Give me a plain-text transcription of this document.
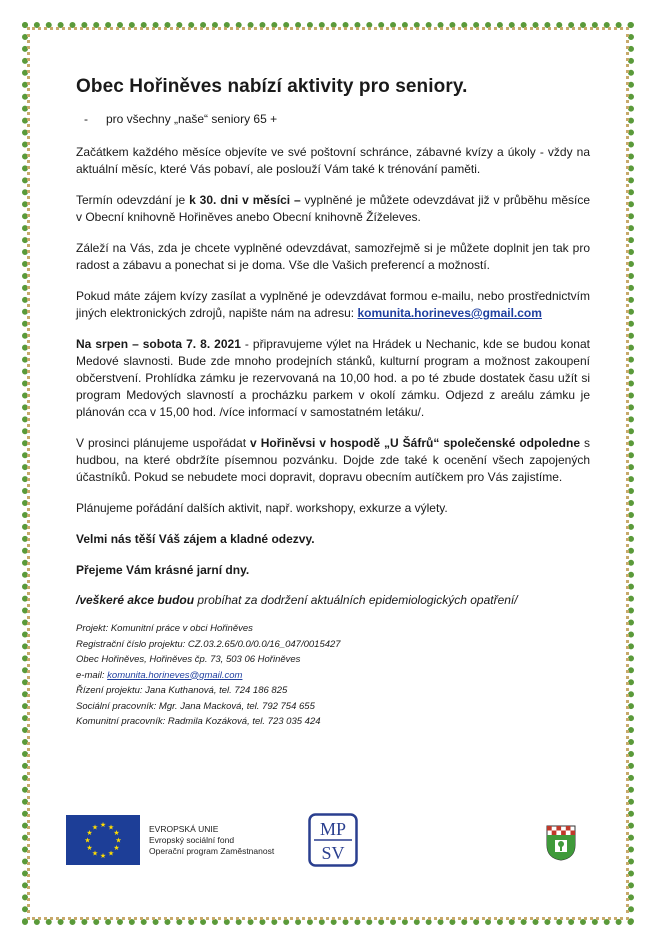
Obec Hořiněves nabízí aktivity pro seniory.
- pro všechny „naše“ seniory 65 +

Začátkem každého měsíce objevíte ve své poštovní schránce, zábavné kvízy a úkoly - vždy na aktuální měsíc, které Vás pobaví, ale poslouží Vám také k trénování paměti.

Termín odevzdání je k 30. dni v měsíci – vyplněné je můžete odevzdávat již v průběhu měsíce v Obecní knihovně Hořiněves anebo Obecní knihovně Žíželeves.

Záleží na Vás, zda je chcete vyplněné odevzdávat, samozřejmě si je můžete doplnit jen tak pro radost a zábavu a ponechat si je doma. Vše dle Vašich preferencí a možností.

Pokud máte zájem kvízy zasílat a vyplněné je odevzdávat formou e-mailu, nebo prostřednictvím jiných elektronických zdrojů, napište nám na adresu: komunita.horineves@gmail.com

Na srpen – sobota 7. 8. 2021 - připravujeme výlet na Hrádek u Nechanic, kde se budou konat Medové slavnosti. Bude zde mnoho prodejních stánků, kulturní program a možnost zakoupení občerstvení. Prohlídka zámku je rezervovaná na 10,00 hod. a po té zbude dostatek času užít si program Medových slavností a procházku parkem v okolí zámku. Odjezd z areálu zámku je plánován cca v 15,00 hod. /více informací v samostatném letáku/.

V prosinci plánujeme uspořádat v Hořiněvsi v hospodě „U Šáfrů“ společenské odpoledne s hudbou, na které obdržíte písemnou pozvánku. Dojde zde také k ocenění všech zapojených účastníků. Pokud se nebudete moci dopravit, dopravu obecním autíčkem pro Vás zajistíme.

Plánujeme pořádání dalších aktivit, např. workshopy, exkurze a výlety.

Velmi nás těší Váš zájem a kladné odezvy.

Přejeme Vám krásné jarní dny.

/veškeré akce budou probíhat za dodržení aktuálních epidemiologických opatření/
Projekt: Komunitní práce v obci Hořiněves
Registrační číslo projektu: CZ.03.2.65/0.0/0.0/16_047/0015427
Obec Hořiněves, Hořiněves čp. 73, 503 06 Hořiněves
e-mail: komunita.horineves@gmail.com
Řízení projektu: Jana Kuthanová, tel. 724 186 825
Sociální pracovník: Mgr. Jana Macková, tel. 792 754 655
Komunitní pracovník: Radmila Kozáková, tel. 723 035 424
★ ★
★
★
★
★
★
★
★
★
★
★	EVROPSKÁ UNIE
Evropský sociální fond
Operační program Zaměstnanost
MP
SV
